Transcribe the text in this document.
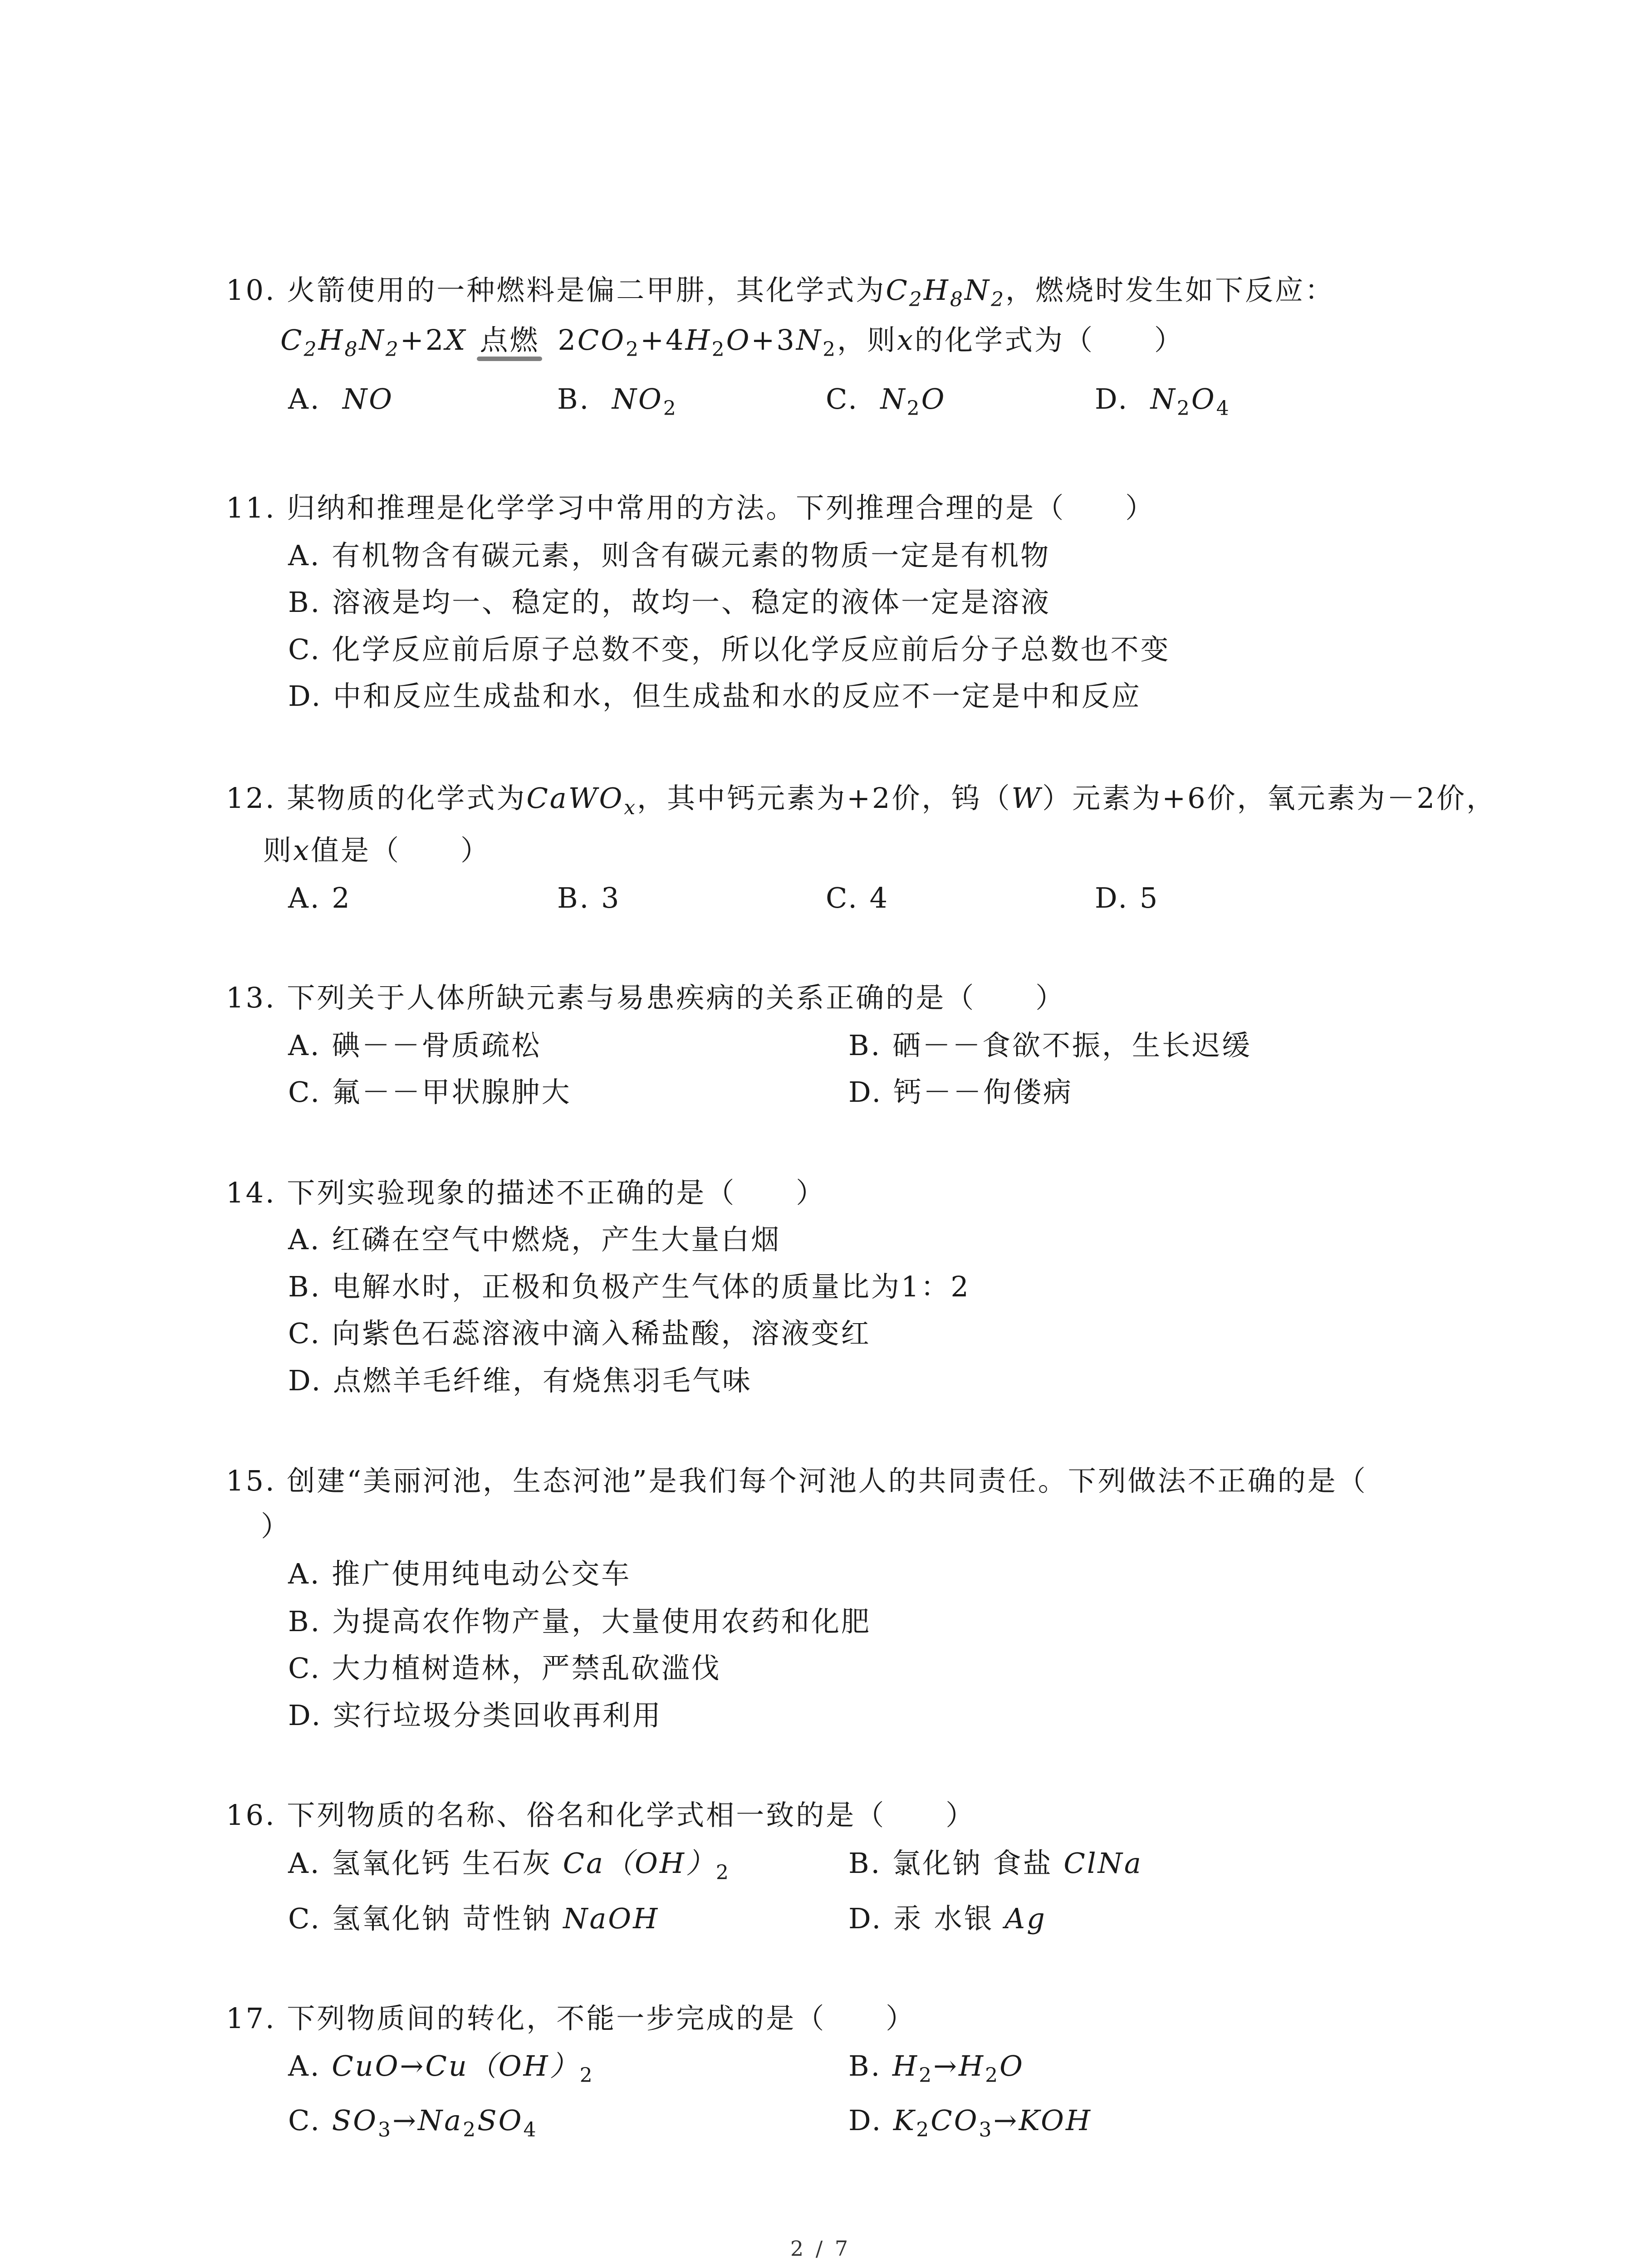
10. 火箭使用的一种燃料是偏二甲肼，其化学式为$C_2H_8N_2$，燃烧时发生如下反应：
$C_2H_8N_2+2X$ 点燃 $2CO_2+4H_2O+3N_2$，则x的化学式为（　　）
A. NO	B. $NO_2$	C. $N_2O$	D. $N_2O_4$
11. 归纳和推理是化学学习中常用的方法。下列推理合理的是（　　）
A. 有机物含有碳元素，则含有碳元素的物质一定是有机物
B. 溶液是均一、稳定的，故均一、稳定的液体一定是溶液
C. 化学反应前后原子总数不变，所以化学反应前后分子总数也不变
D. 中和反应生成盐和水，但生成盐和水的反应不一定是中和反应
12. 某物质的化学式为CaWO$_x$，其中钙元素为+2价，钨（W）元素为+6价，氧元素为－2价，
则x值是（　　）
A. 2	B. 3	C. 4	D. 5
13. 下列关于人体所缺元素与易患疾病的关系正确的是（　　）
A. 碘－－骨质疏松	B. 硒－－食欲不振，生长迟缓
C. 氟－－甲状腺肿大	D. 钙－－佝偻病
14. 下列实验现象的描述不正确的是（　　）
A. 红磷在空气中燃烧，产生大量白烟
B. 电解水时，正极和负极产生气体的质量比为1：2
C. 向紫色石蕊溶液中滴入稀盐酸，溶液变红
D. 点燃羊毛纤维，有烧焦羽毛气味
15. 创建“美丽河池，生态河池”是我们每个河池人的共同责任。下列做法不正确的是（
）
A. 推广使用纯电动公交车
B. 为提高农作物产量，大量使用农药和化肥
C. 大力植树造林，严禁乱砍滥伐
D. 实行垃圾分类回收再利用
16. 下列物质的名称、俗名和化学式相一致的是（　　）
A. 氢氧化钙 生石灰 $Ca(OH)_2$	B. 氯化钠 食盐 ClNa
C. 氢氧化钠 苛性钠 NaOH	D. 汞 水银 Ag
17. 下列物质间的转化，不能一步完成的是（　　）
A. $CuO\to Cu(OH)_2$	B. $H_2\to H_2O$
C. $SO_3\to Na_2SO_4$	D. $K_2CO_3\to KOH$
2 / 7
